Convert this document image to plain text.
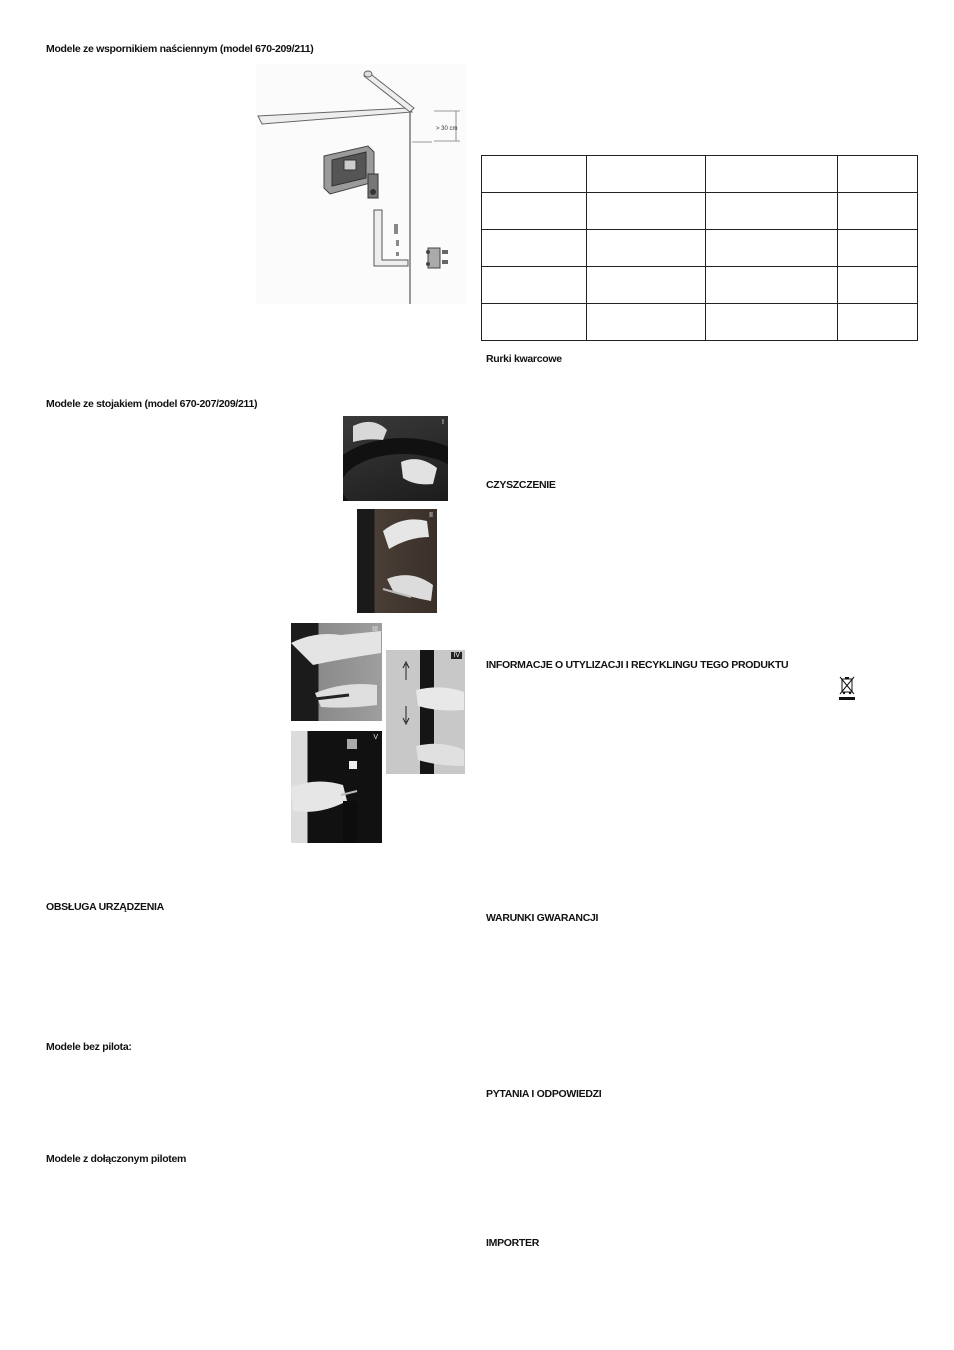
Modele ze wspornikiem naściennym (model 670-209/211)
Modele ze stojakiem (model 670-207/209/211)
OBSŁUGA URZĄDZENIA
Modele bez pilota:
Modele z dołączonym pilotem
> 30 cm
I
II
III
IV
V

Rurki kwarcowe
CZYSZCZENIE
INFORMACJE O UTYLIZACJI I RECYKLINGU TEGO PRODUKTU
WARUNKI GWARANCJI
PYTANIA I ODPOWIEDZI
IMPORTER
